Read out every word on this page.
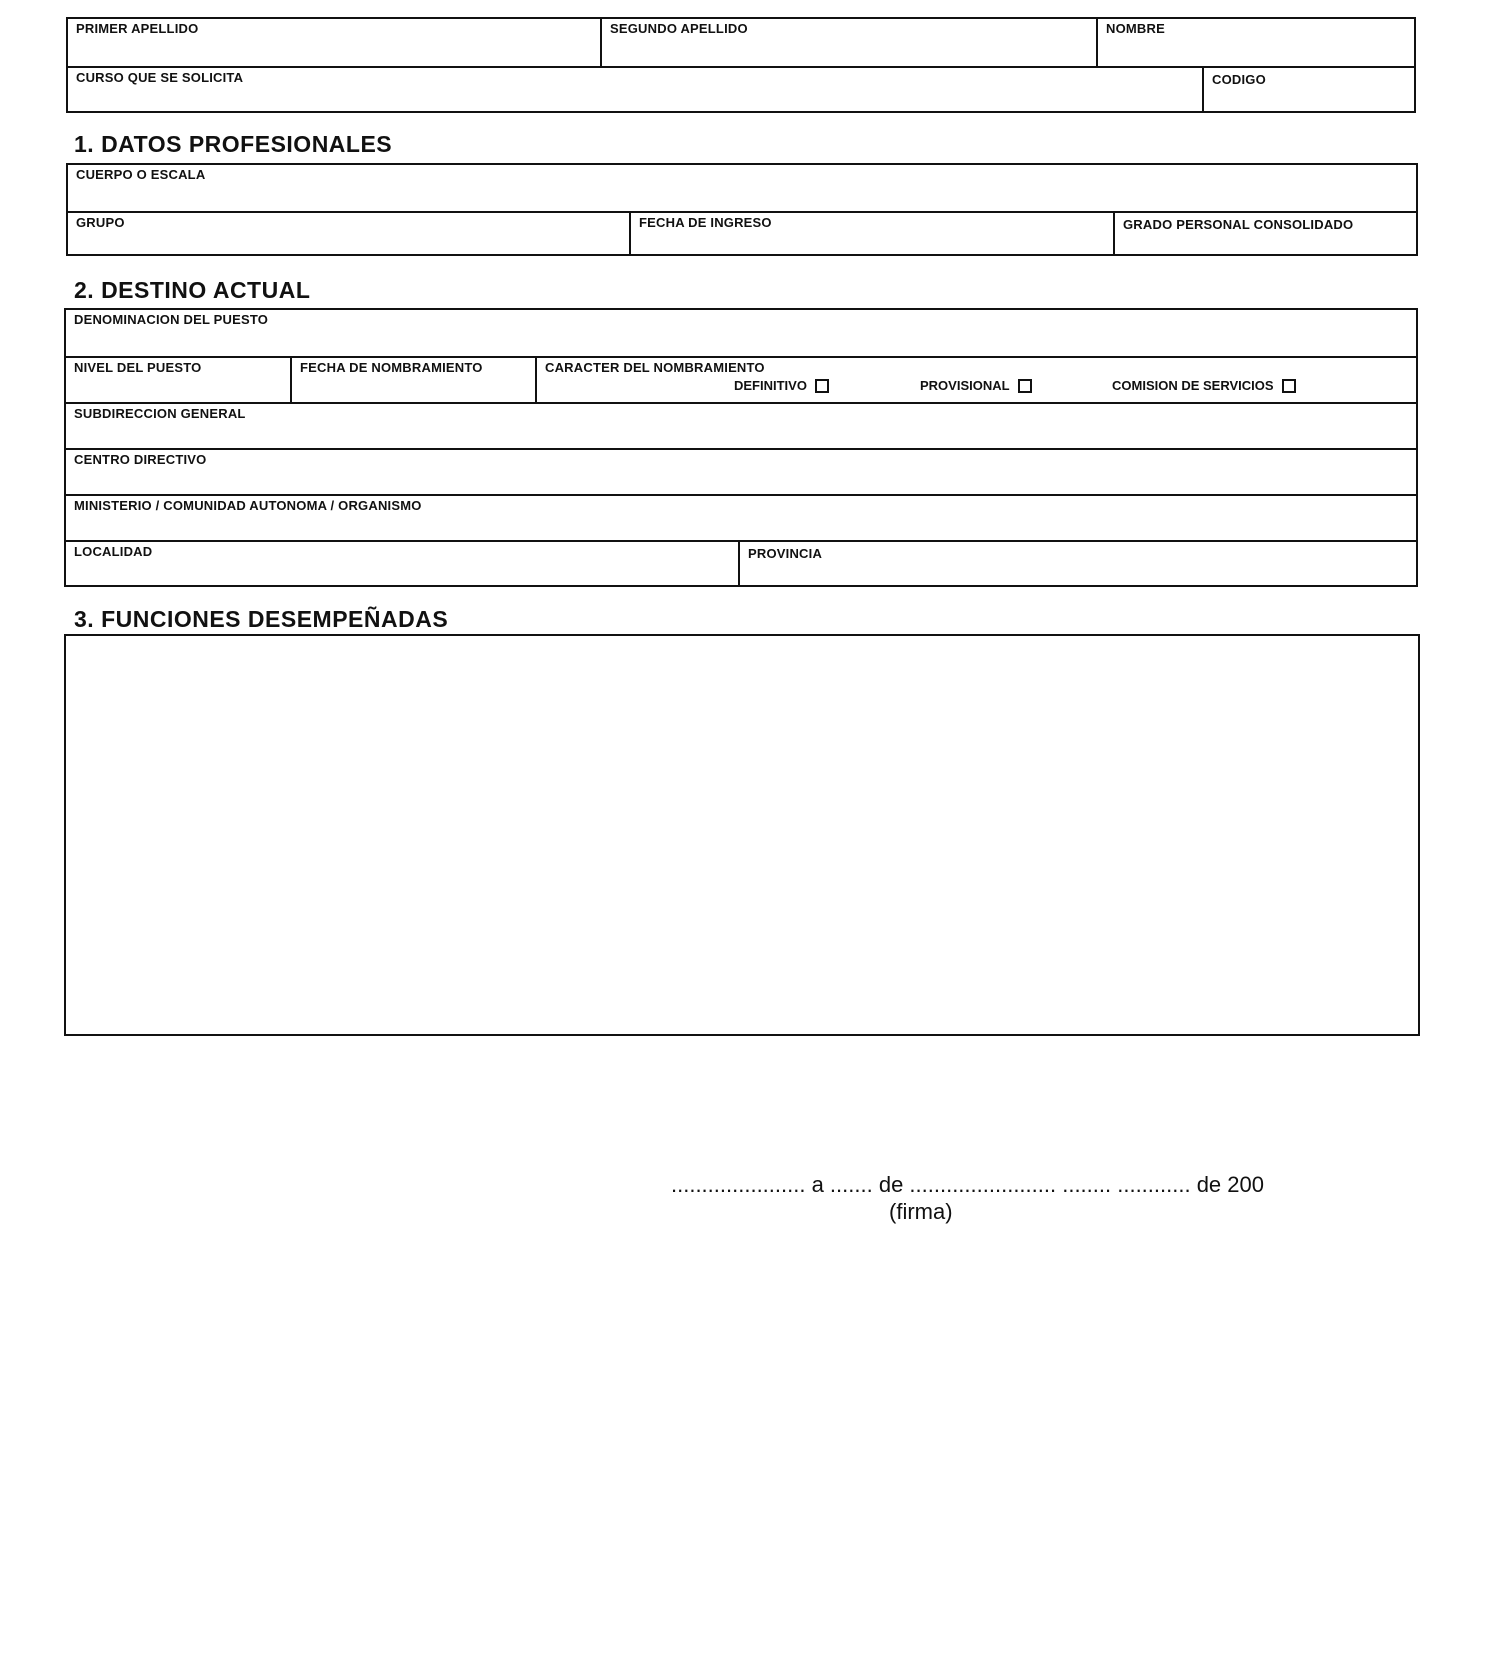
PRIMER APELLIDO	SEGUNDO APELLIDO	NOMBRE
CURSO QUE SE SOLICITA	CODIGO
1. DATOS PROFESIONALES
CUERPO O ESCALA
GRUPO	FECHA DE INGRESO	GRADO PERSONAL CONSOLIDADO
2. DESTINO ACTUAL
DENOMINACION DEL PUESTO
NIVEL DEL PUESTO	FECHA DE NOMBRAMIENTO	CARACTER DEL NOMBRAMIENTO
DEFINITIVO	PROVISIONAL	COMISION DE SERVICIOS
SUBDIRECCION GENERAL
CENTRO DIRECTIVO
MINISTERIO / COMUNIDAD AUTONOMA / ORGANISMO
LOCALIDAD	PROVINCIA
3. FUNCIONES DESEMPEÑADAS
...................... a ....... de ........................ ........ ............ de 200
(firma)
